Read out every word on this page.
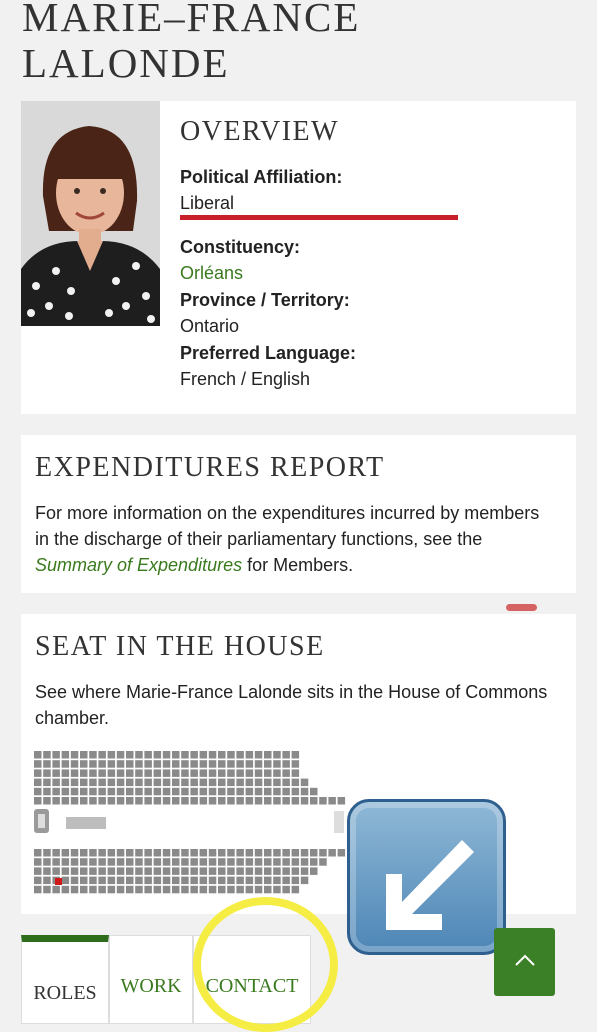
MARIE–FRANCE
LALONDE
OVERVIEW
Political Affiliation:
Liberal
Constituency:
Orléans
Province / Territory:
Ontario
Preferred Language:
French / English
EXPENDITURES REPORT

For more information on the expenditures incurred by members in the discharge of their parliamentary functions, see the Summary of Expenditures for Members.

SEAT IN THE HOUSE

See where Marie-France Lalonde sits in the House of Commons chamber.

ROLES	WORK	CONTACT
